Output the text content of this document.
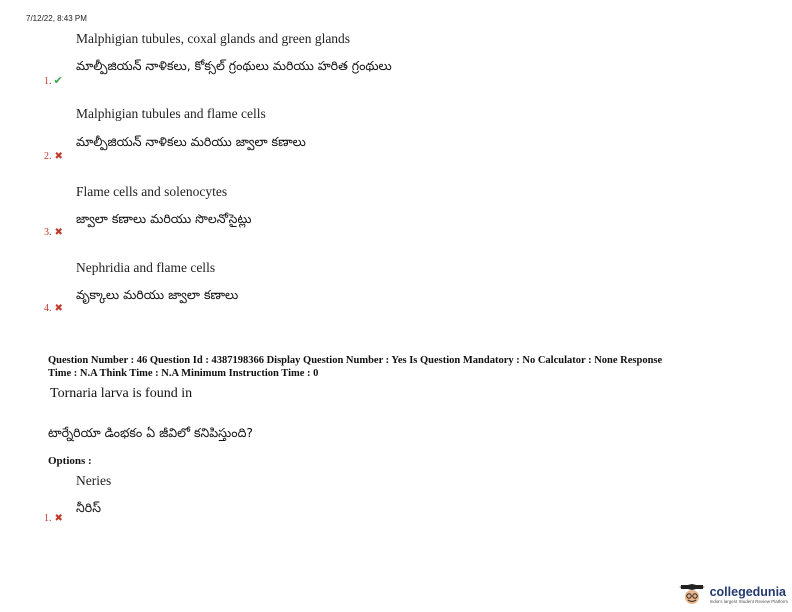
7/12/22, 8:43 PM
Malphigian tubules, coxal glands and green glands
మాల్పీజియన్ నాళికలు, కోక్సల్ గ్రంథులు మరియు హరిత గ్రంథులు
1. ✔
Malphigian tubules and flame cells
మాల్పీజియన్ నాళికలు మరియు జ్వాలా కణాలు
2. ✖
Flame cells and solenocytes
జ్వాలా కణాలు మరియు సొలనోసైట్లు
3. ✖
Nephridia and flame cells
వృక్కాలు మరియు జ్వాలా కణాలు
4. ✖
Question Number : 46 Question Id : 4387198366 Display Question Number : Yes Is Question Mandatory : No Calculator : None Response
Time : N.A Think Time : N.A Minimum Instruction Time : 0
Tornaria larva is found in
టార్నేరియా డింభకం ఏ జీవిలో కనిపిస్తుంది?
Options :
Neries
నీరిస్
1. ✖
collegedunia
India's largest Student Review Platform
